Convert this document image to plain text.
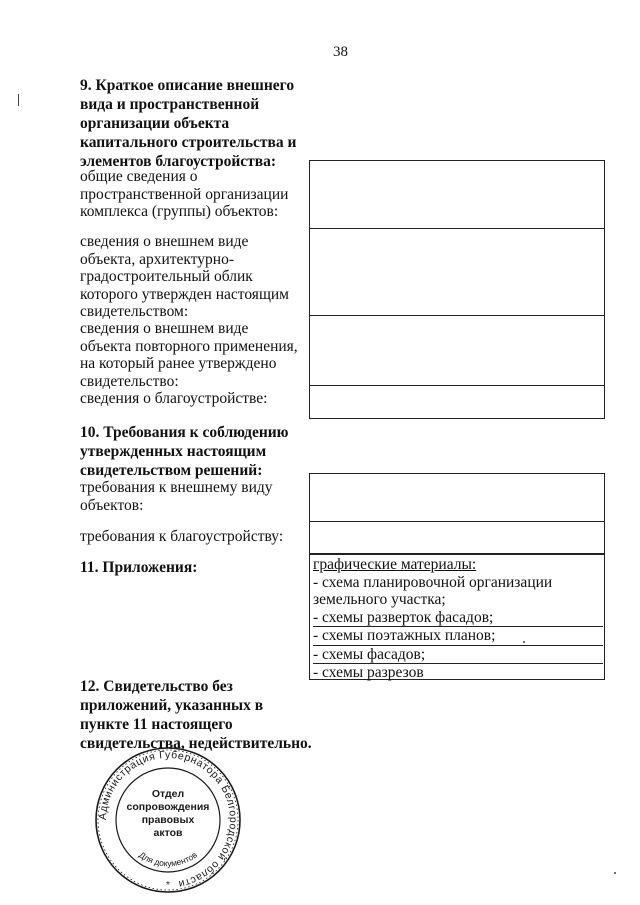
38
9. Краткое описание внешнего
вида и пространственной
организации объекта
капитального строительства и
элементов благоустройства:
общие сведения о
пространственной организации
комплекса (группы) объектов:
сведения о внешнем виде
объекта, архитектурно-
градостроительный облик
которого утвержден настоящим
свидетельством:
сведения о внешнем виде
объекта повторного применения,
на который ранее утверждено
свидетельство:
сведения о благоустройстве:
10. Требования к соблюдению
утвержденных настоящим
свидетельством решений:
требования к внешнему виду
объектов:
требования к благоустройству:
11. Приложения:	графические материалы:
- схема планировочной организации земельного участка;
- схемы разверток фасадов;
- схемы поэтажных планов;
- схемы фасадов;
- схемы разрезов
12. Свидетельство без
приложений, указанных в
пункте 11 настоящего
свидетельства, недействительно.
Администрация Губернатора Белгородской области
Отдел
сопровождения
правовых
актов
Для документов
*
